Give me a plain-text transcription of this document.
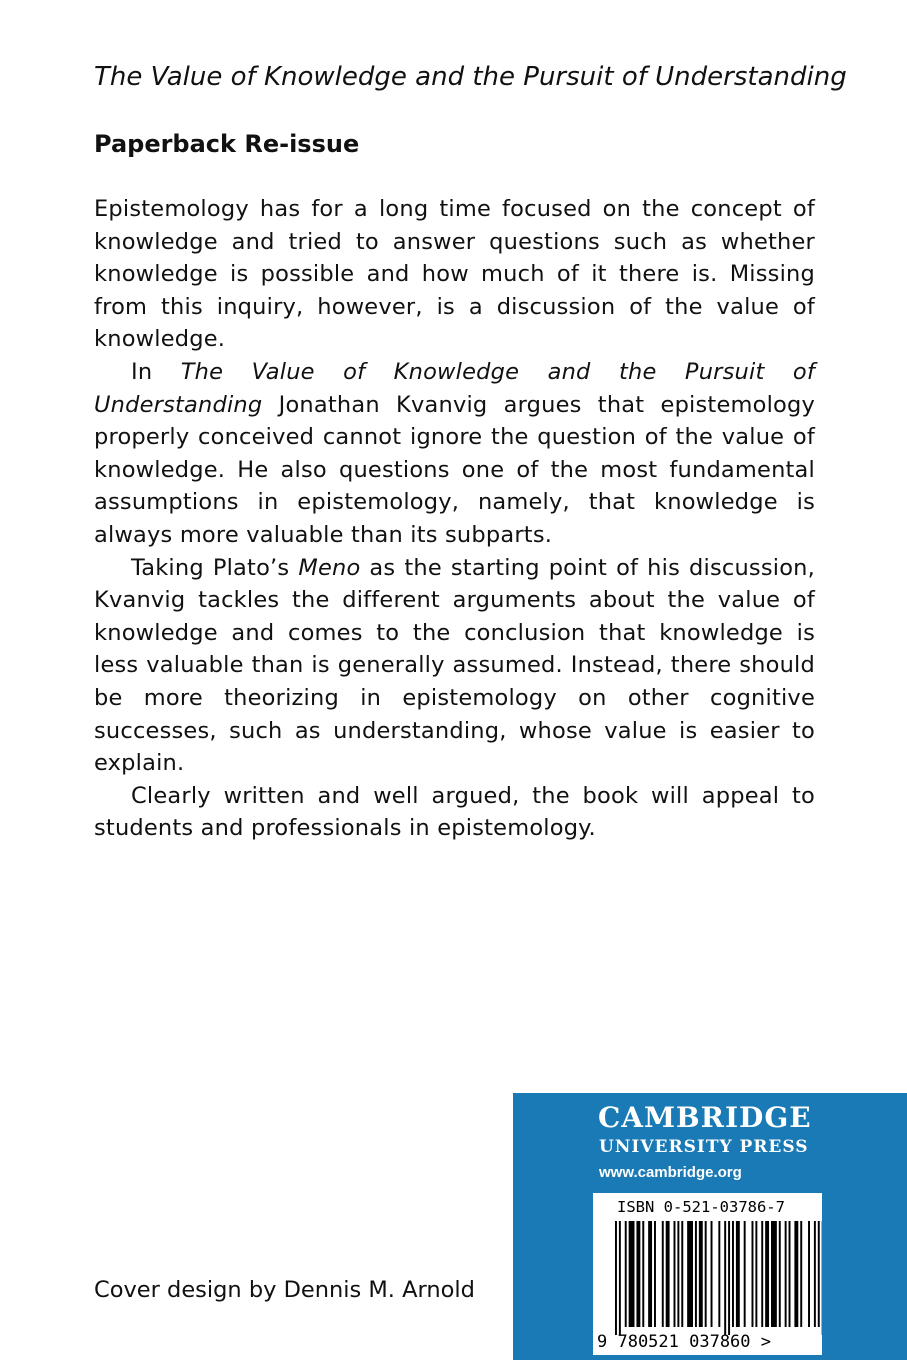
The Value of Knowledge and the Pursuit of Understanding
Paperback Re-issue

Epistemology has for a long time focused on the concept of knowledge and tried to answer questions such as whether knowledge is possible and how much of it there is. Missing from this inquiry, however, is a discussion of the value of knowledge.

In The Value of Knowledge and the Pursuit of Understanding Jonathan Kvanvig argues that epistemology properly conceived cannot ignore the question of the value of knowledge. He also questions one of the most fundamental assumptions in epistemology, namely, that knowledge is always more valuable than its subparts.

Taking Plato’s Meno as the starting point of his discussion, Kvanvig tackles the different arguments about the value of knowledge and comes to the conclusion that knowledge is less valuable than is generally assumed. Instead, there should be more theorizing in epistemology on other cognitive successes, such as understanding, whose value is easier to explain.

Clearly written and well argued, the book will appeal to students and professionals in epistemology.

Cover design by Dennis M. Arnold
CAMBRIDGE
UNIVERSITY PRESS
www.cambridge.org
ISBN 0-521-03786-7
9 780521 037860 >
